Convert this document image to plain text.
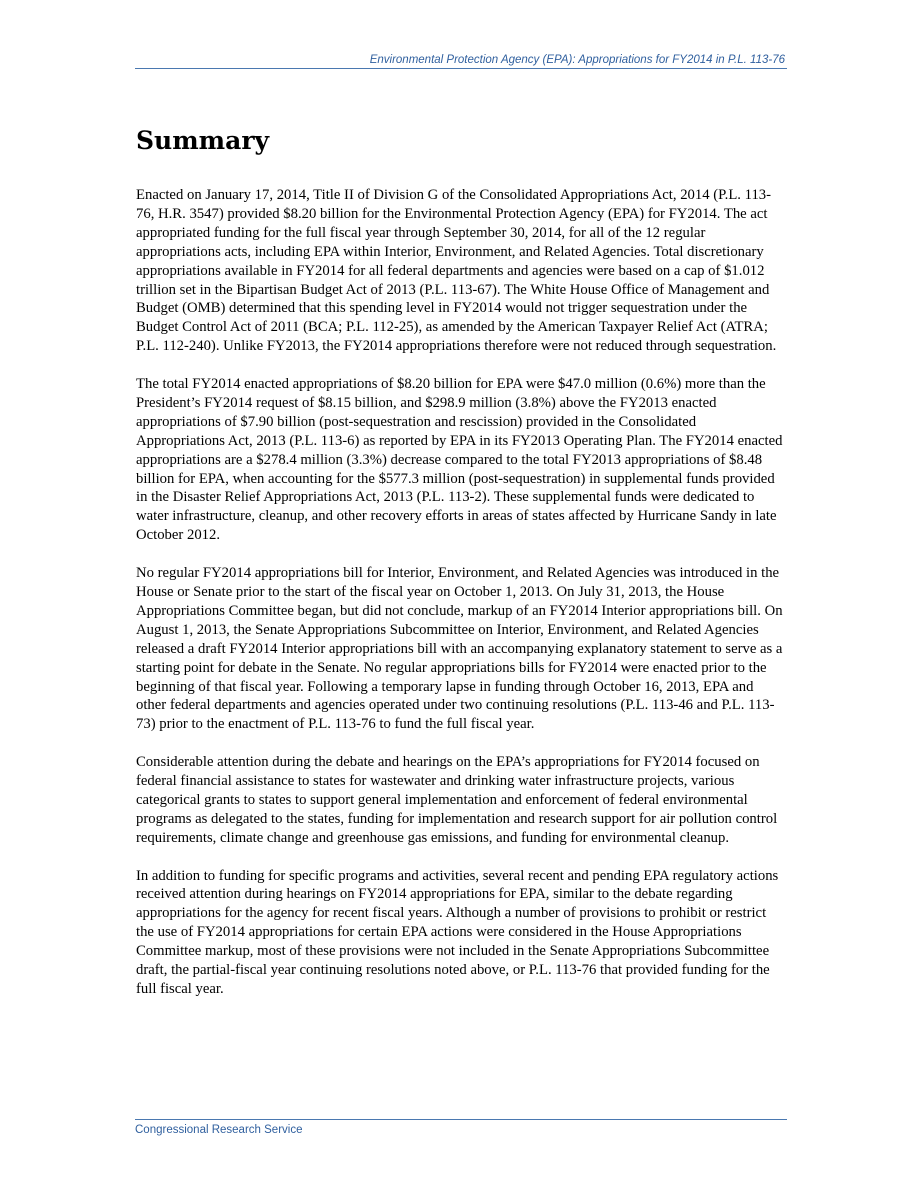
Environmental Protection Agency (EPA): Appropriations for FY2014 in P.L. 113-76
Summary

Enacted on January 17, 2014, Title II of Division G of the Consolidated Appropriations Act, 2014 (P.L. 113-76, H.R. 3547) provided $8.20 billion for the Environmental Protection Agency (EPA) for FY2014. The act appropriated funding for the full fiscal year through September 30, 2014, for all of the 12 regular appropriations acts, including EPA within Interior, Environment, and Related Agencies. Total discretionary appropriations available in FY2014 for all federal departments and agencies were based on a cap of $1.012 trillion set in the Bipartisan Budget Act of 2013 (P.L. 113-67). The White House Office of Management and Budget (OMB) determined that this spending level in FY2014 would not trigger sequestration under the Budget Control Act of 2011 (BCA; P.L. 112-25), as amended by the American Taxpayer Relief Act (ATRA; P.L. 112-240). Unlike FY2013, the FY2014 appropriations therefore were not reduced through sequestration.

The total FY2014 enacted appropriations of $8.20 billion for EPA were $47.0 million (0.6%) more than the President’s FY2014 request of $8.15 billion, and $298.9 million (3.8%) above the FY2013 enacted appropriations of $7.90 billion (post-sequestration and rescission) provided in the Consolidated Appropriations Act, 2013 (P.L. 113-6) as reported by EPA in its FY2013 Operating Plan. The FY2014 enacted appropriations are a $278.4 million (3.3%) decrease compared to the total FY2013 appropriations of $8.48 billion for EPA, when accounting for the $577.3 million (post-sequestration) in supplemental funds provided in the Disaster Relief Appropriations Act, 2013 (P.L. 113-2). These supplemental funds were dedicated to water infrastructure, cleanup, and other recovery efforts in areas of states affected by Hurricane Sandy in late October 2012.

No regular FY2014 appropriations bill for Interior, Environment, and Related Agencies was introduced in the House or Senate prior to the start of the fiscal year on October 1, 2013. On July 31, 2013, the House Appropriations Committee began, but did not conclude, markup of an FY2014 Interior appropriations bill. On August 1, 2013, the Senate Appropriations Subcommittee on Interior, Environment, and Related Agencies released a draft FY2014 Interior appropriations bill with an accompanying explanatory statement to serve as a starting point for debate in the Senate. No regular appropriations bills for FY2014 were enacted prior to the beginning of that fiscal year. Following a temporary lapse in funding through October 16, 2013, EPA and other federal departments and agencies operated under two continuing resolutions (P.L. 113-46 and P.L. 113-73) prior to the enactment of P.L. 113-76 to fund the full fiscal year.

Considerable attention during the debate and hearings on the EPA’s appropriations for FY2014 focused on federal financial assistance to states for wastewater and drinking water infrastructure projects, various categorical grants to states to support general implementation and enforcement of federal environmental programs as delegated to the states, funding for implementation and research support for air pollution control requirements, climate change and greenhouse gas emissions, and funding for environmental cleanup.

In addition to funding for specific programs and activities, several recent and pending EPA regulatory actions received attention during hearings on FY2014 appropriations for EPA, similar to the debate regarding appropriations for the agency for recent fiscal years. Although a number of provisions to prohibit or restrict the use of FY2014 appropriations for certain EPA actions were considered in the House Appropriations Committee markup, most of these provisions were not included in the Senate Appropriations Subcommittee draft, the partial-fiscal year continuing resolutions noted above, or P.L. 113-76 that provided funding for the full fiscal year.

Congressional Research Service
